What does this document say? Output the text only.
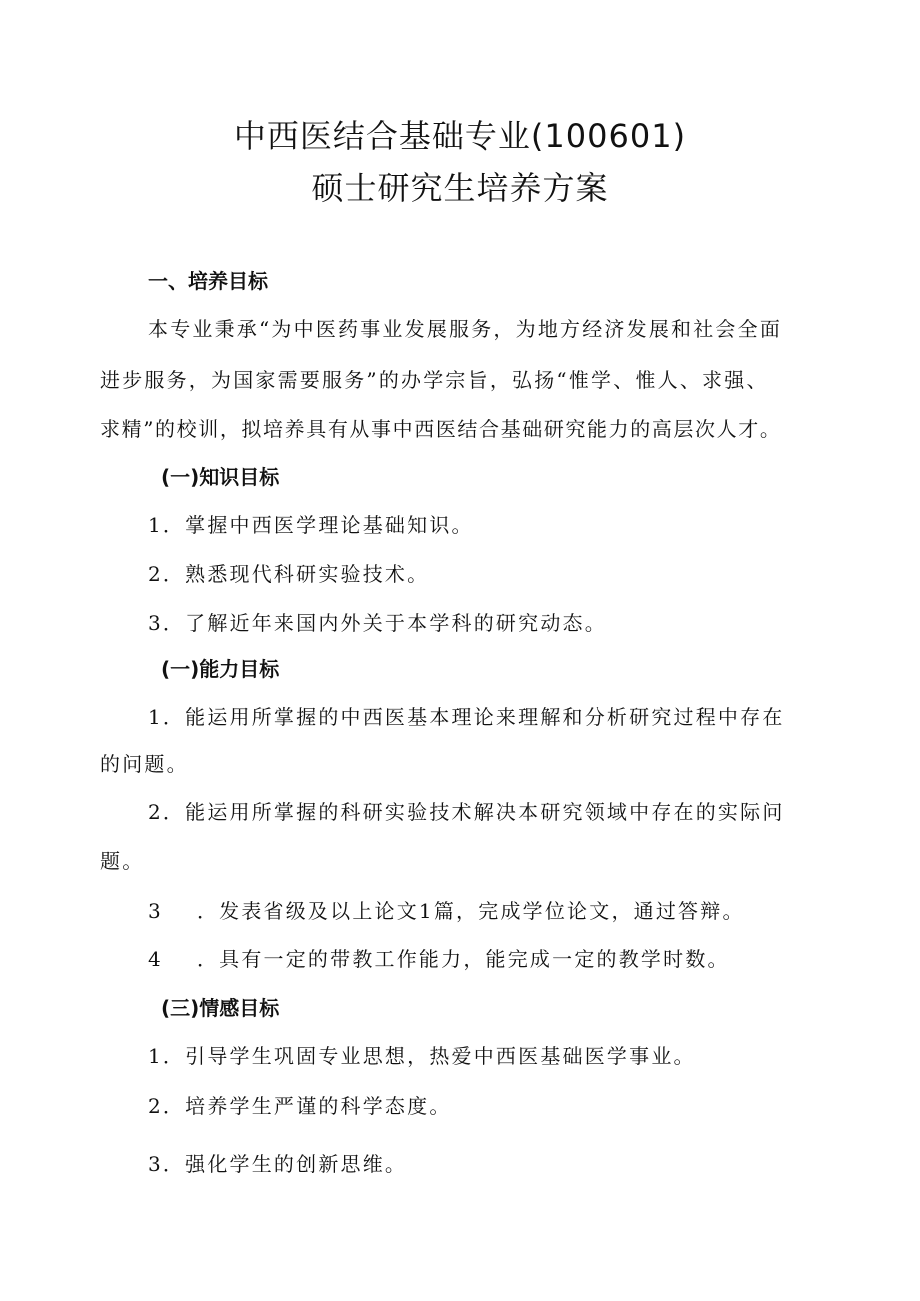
中西医结合基础专业(100601)
硕士研究生培养方案
一、培养目标
本专业秉承“为中医药事业发展服务，为地方经济发展和社会全面
进步服务，为国家需要服务”的办学宗旨，弘扬“惟学、惟人、求强、
求精”的校训，拟培养具有从事中西医结合基础研究能力的高层次人才。
(一)知识目标
1．掌握中西医学理论基础知识。
2．熟悉现代科研实验技术。
3．了解近年来国内外关于本学科的研究动态。
(一)能力目标
1．能运用所掌握的中西医基本理论来理解和分析研究过程中存在
的问题。
2．能运用所掌握的科研实验技术解决本研究领域中存在的实际问
题。
3 ．发表省级及以上论文1篇，完成学位论文，通过答辩。
4 ．具有一定的带教工作能力，能完成一定的教学时数。
(三)情感目标
1．引导学生巩固专业思想，热爱中西医基础医学事业。
2．培养学生严谨的科学态度。
3．强化学生的创新思维。
